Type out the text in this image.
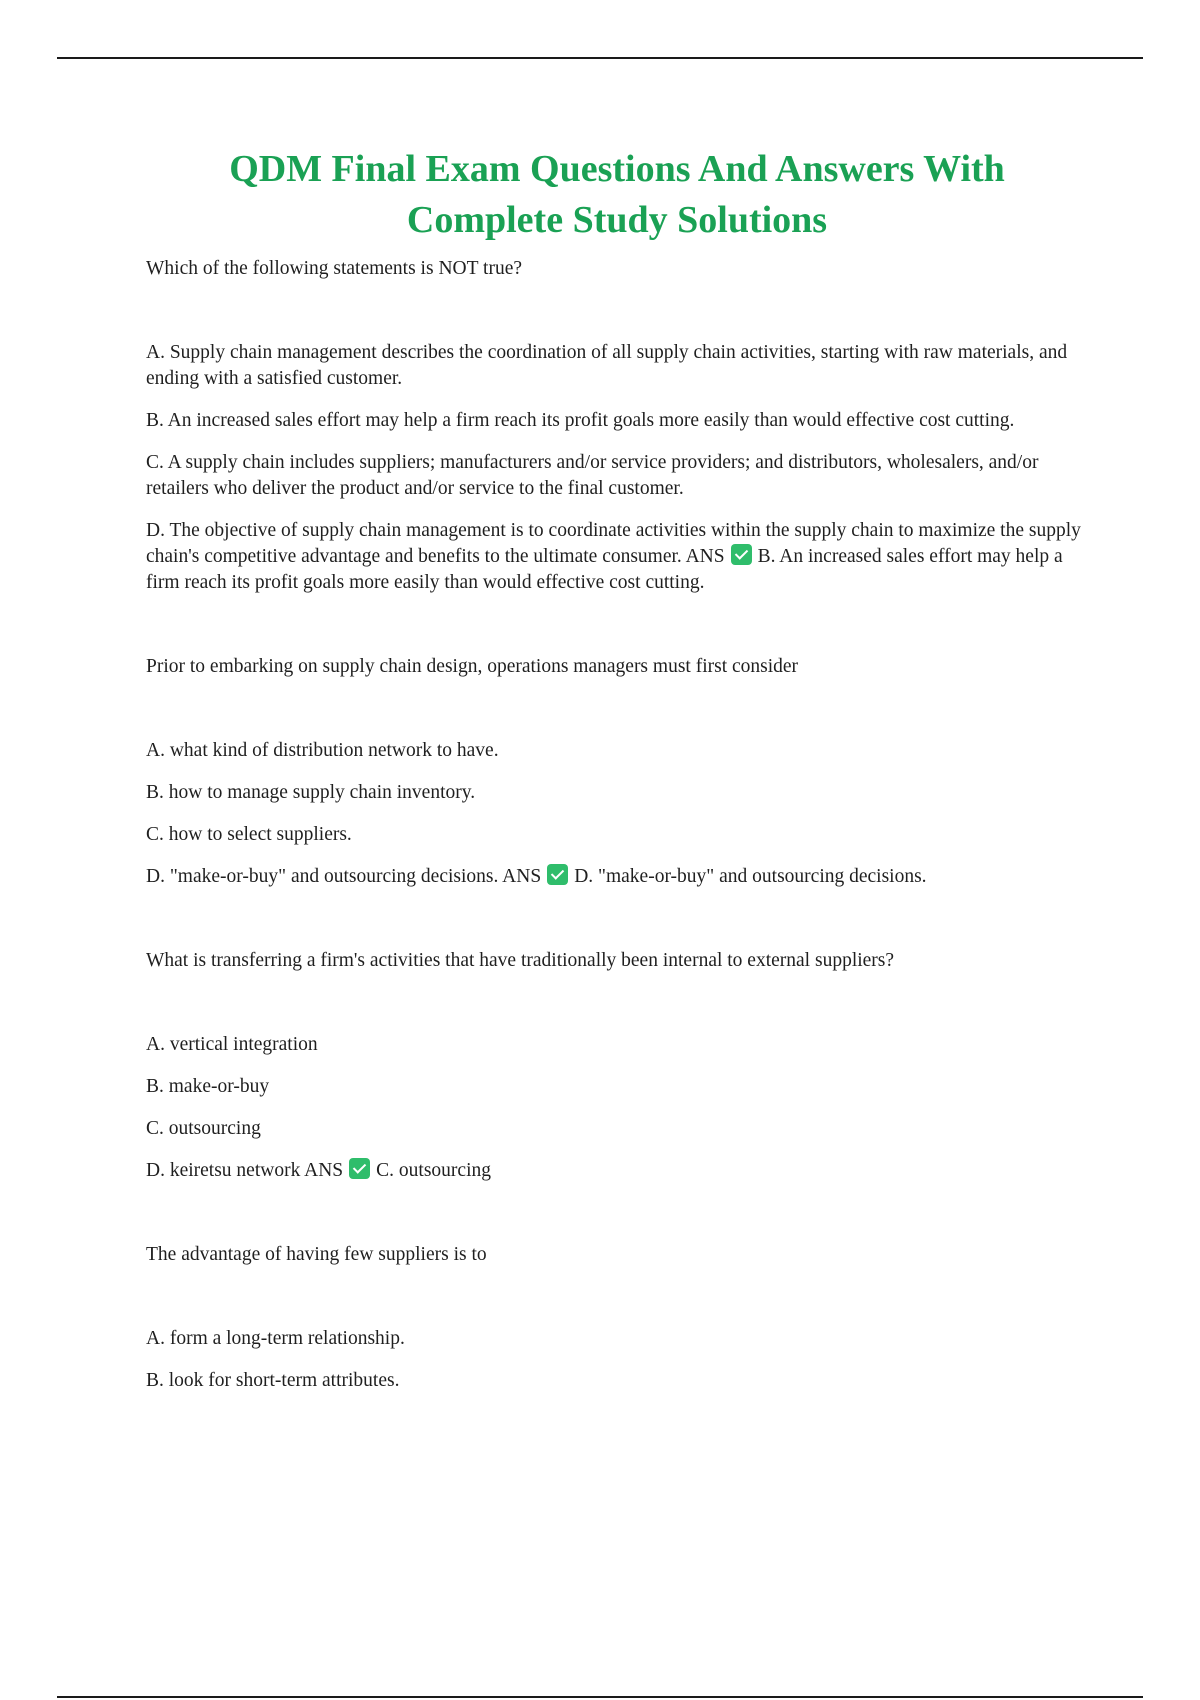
QDM Final Exam Questions And Answers With
Complete Study Solutions

Which of the following statements is NOT true?

A. Supply chain management describes the coordination of all supply chain activities, starting with raw materials, and ending with a satisfied customer.

B. An increased sales effort may help a firm reach its profit goals more easily than would effective cost cutting.

C. A supply chain includes suppliers; manufacturers and/or service providers; and distributors, wholesalers, and/or retailers who deliver the product and/or service to the final customer.

D. The objective of supply chain management is to coordinate activities within the supply chain to maximize the supply chain's competitive advantage and benefits to the ultimate consumer. ANS B. An increased sales effort may help a firm reach its profit goals more easily than would effective cost cutting.

Prior to embarking on supply chain design, operations managers must first consider

A. what kind of distribution network to have.

B. how to manage supply chain inventory.

C. how to select suppliers.

D. "make-or-buy" and outsourcing decisions. ANS D. "make-or-buy" and outsourcing decisions.

What is transferring a firm's activities that have traditionally been internal to external suppliers?

A. vertical integration

B. make-or-buy

C. outsourcing

D. keiretsu network ANS C. outsourcing

The advantage of having few suppliers is to

A. form a long-term relationship.

B. look for short-term attributes.
